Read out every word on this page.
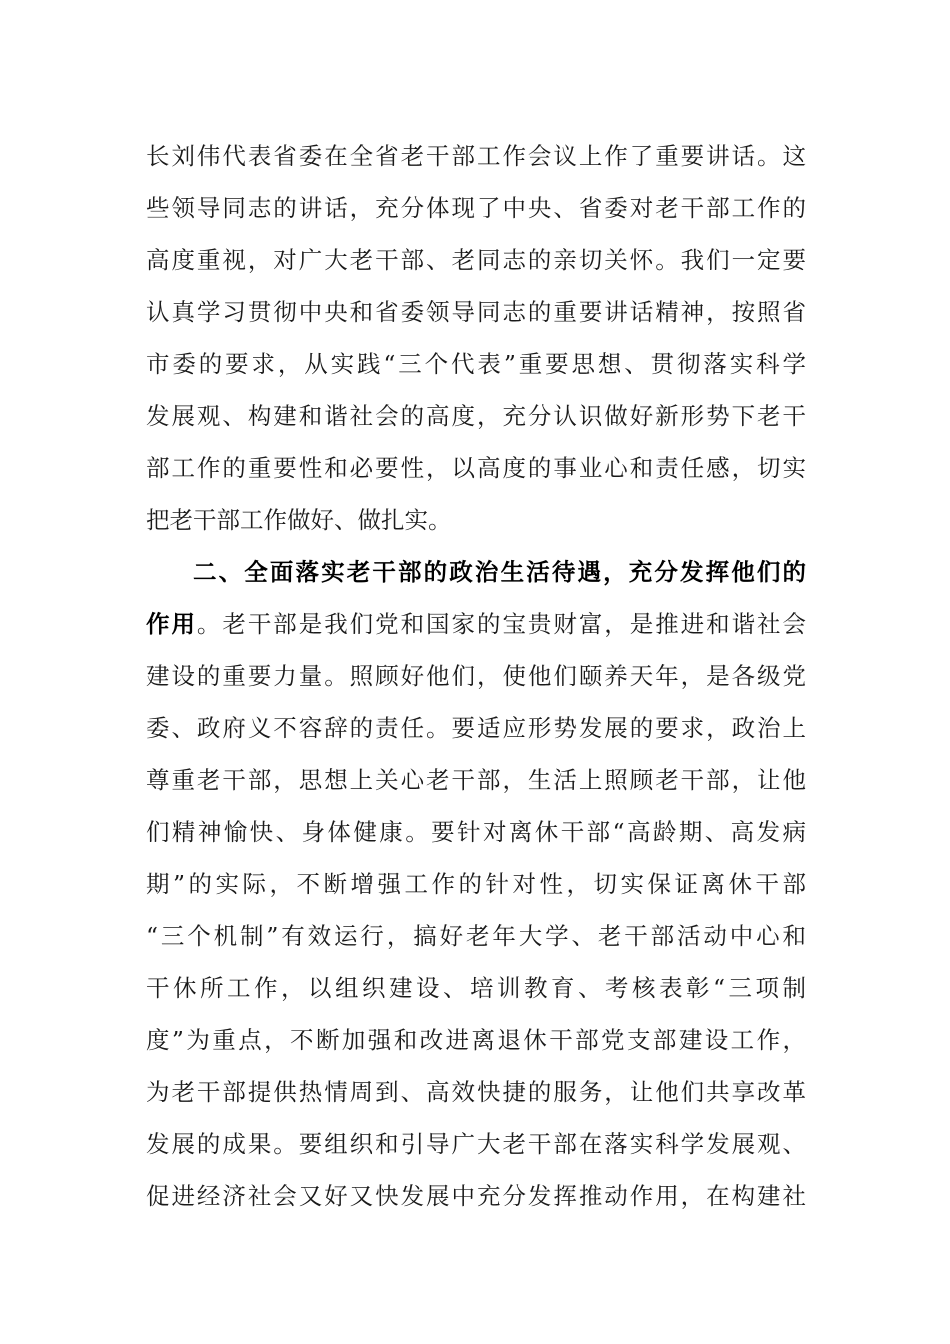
长刘伟代表省委在全省老干部工作会议上作了重要讲话。这
些领导同志的讲话，充分体现了中央、省委对老干部工作的
高度重视，对广大老干部、老同志的亲切关怀。我们一定要
认真学习贯彻中央和省委领导同志的重要讲话精神，按照省
市委的要求，从实践“三个代表”重要思想、贯彻落实科学
发展观、构建和谐社会的高度，充分认识做好新形势下老干
部工作的重要性和必要性，以高度的事业心和责任感，切实
把老干部工作做好、做扎实。
二、全面落实老干部的政治生活待遇，充分发挥他们的
作用。老干部是我们党和国家的宝贵财富，是推进和谐社会
建设的重要力量。照顾好他们，使他们颐养天年，是各级党
委、政府义不容辞的责任。要适应形势发展的要求，政治上
尊重老干部，思想上关心老干部，生活上照顾老干部，让他
们精神愉快、身体健康。要针对离休干部“高龄期、高发病
期”的实际，不断增强工作的针对性，切实保证离休干部
“三个机制”有效运行，搞好老年大学、老干部活动中心和
干休所工作，以组织建设、培训教育、考核表彰“三项制
度”为重点，不断加强和改进离退休干部党支部建设工作，
为老干部提供热情周到、高效快捷的服务，让他们共享改革
发展的成果。要组织和引导广大老干部在落实科学发展观、
促进经济社会又好又快发展中充分发挥推动作用，在构建社
